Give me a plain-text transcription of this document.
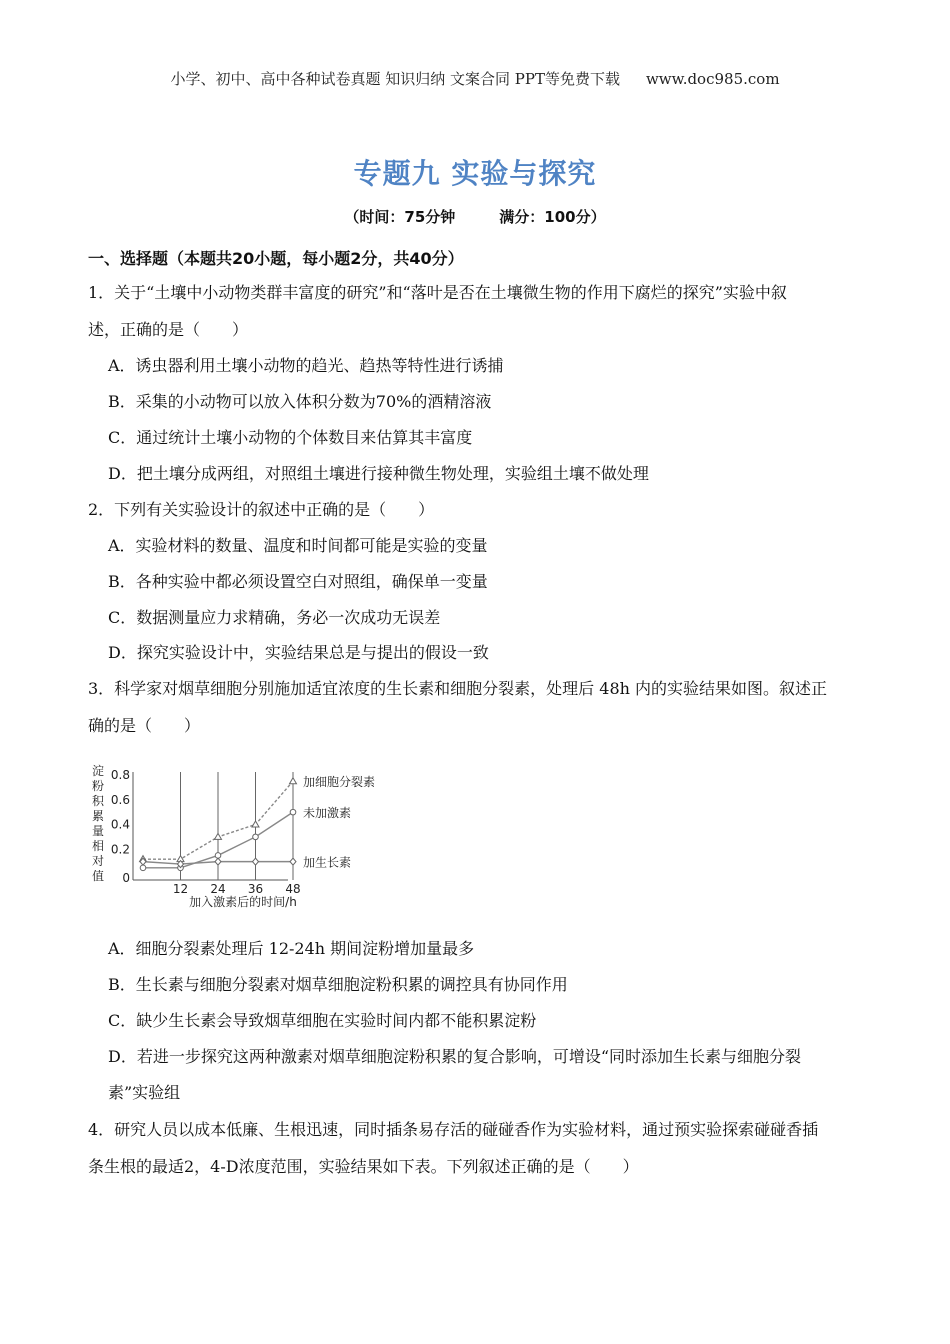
小学、初中、高中各种试卷真题 知识归纳 文案合同 PPT等免费下载 www.doc985.com
专题九 实验与探究
（时间：75分钟	满分：100分）
一、选择题（本题共20小题，每小题2分，共40分）
1．关于“土壤中小动物类群丰富度的研究”和“落叶是否在土壤微生物的作用下腐烂的探究”实验中叙
述，正确的是（　　）
A．诱虫器利用土壤小动物的趋光、趋热等特性进行诱捕
B．采集的小动物可以放入体积分数为70%的酒精溶液
C．通过统计土壤小动物的个体数目来估算其丰富度
D．把土壤分成两组，对照组土壤进行接种微生物处理，实验组土壤不做处理
2．下列有关实验设计的叙述中正确的是（　　）
A．实验材料的数量、温度和时间都可能是实验的变量
B．各种实验中都必须设置空白对照组，确保单一变量
C．数据测量应力求精确，务必一次成功无误差
D．探究实验设计中，实验结果总是与提出的假设一致
3．科学家对烟草细胞分别施加适宜浓度的生长素和细胞分裂素，处理后 48h 内的实验结果如图。叙述正
确的是（　　）
淀粉积累量相对值 0
0.2
0.4
0.6
0.8
12 24 36 48
加细胞分裂素
未加激素
加生长素
加入激素后的时间/h
A．细胞分裂素处理后 12-24h 期间淀粉增加量最多
B．生长素与细胞分裂素对烟草细胞淀粉积累的调控具有协同作用
C．缺少生长素会导致烟草细胞在实验时间内都不能积累淀粉
D．若进一步探究这两种激素对烟草细胞淀粉积累的复合影响，可增设“同时添加生长素与细胞分裂
素”实验组
4．研究人员以成本低廉、生根迅速，同时插条易存活的碰碰香作为实验材料，通过预实验探索碰碰香插
条生根的最适2，4-D浓度范围，实验结果如下表。下列叙述正确的是（　　）
